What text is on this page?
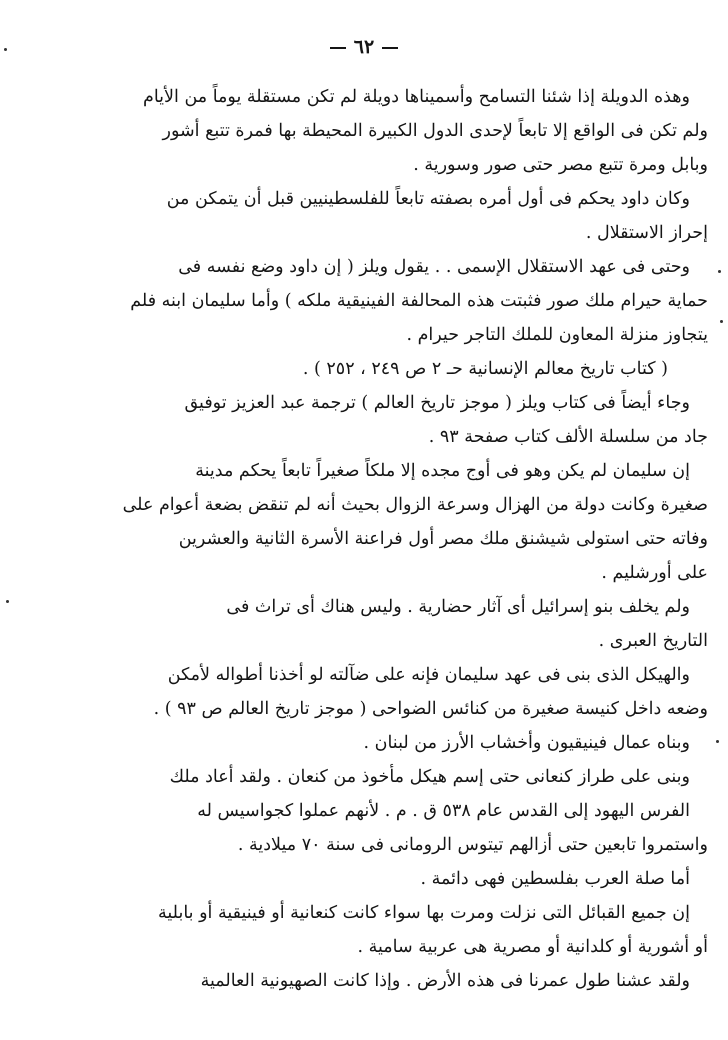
٦٢
وهذه الدويلة إذا شئنا التسامح وأسميناها دويلة لم تكن مستقلة يوماً من الأيام
ولم تكن فى الواقع إلا تابعاً لإحدى الدول الكبيرة المحيطة بها فمرة تتبع أشور
وبابل ومرة تتبع مصر حتى صور وسورية .
وكان داود يحكم فى أول أمره بصفته تابعاً للفلسطينيين قبل أن يتمكن من
إحراز الاستقلال .
وحتى فى عهد الاستقلال الإسمى . . يقول ويلز ( إن داود وضع نفسه فى
حماية حيرام ملك صور فثبتت هذه المحالفة الفينيقية ملكه ) وأما سليمان ابنه فلم
يتجاوز منزلة المعاون للملك التاجر حيرام .
( كتاب تاريخ معالم الإنسانية حـ ٢ ص ٢٤٩ ، ٢٥٢ ) .
وجاء أيضاً فى كتاب ويلز ( موجز تاريخ العالم ) ترجمة عبد العزيز توفيق
جاد من سلسلة الألف كتاب صفحة ٩٣ .
إن سليمان لم يكن وهو فى أوج مجده إلا ملكاً صغيراً تابعاً يحكم مدينة
صغيرة وكانت دولة من الهزال وسرعة الزوال بحيث أنه لم تنقض بضعة أعوام على
وفاته حتى استولى شيشنق ملك مصر أول فراعنة الأسرة الثانية والعشرين
على أورشليم .
ولم يخلف بنو إسرائيل أى آثار حضارية . وليس هناك أى تراث فى
التاريخ العبرى .
والهيكل الذى بنى فى عهد سليمان فإنه على ضآلته لو أخذنا أطواله لأمكن
وضعه داخل كنيسة صغيرة من كنائس الضواحى ( موجز تاريخ العالم ص ٩٣ ) .
وبناه عمال فينيقيون وأخشاب الأرز من لبنان .
وبنى على طراز كنعانى حتى إسم هيكل مأخوذ من كنعان . ولقد أعاد ملك
الفرس اليهود إلى القدس عام ٥٣٨ ق . م . لأنهم عملوا كجواسيس له
واستمروا تابعين حتى أزالهم تيتوس الرومانى فى سنة ٧٠ ميلادية .
أما صلة العرب بفلسطين فهى دائمة .
إن جميع القبائل التى نزلت ومرت بها سواء كانت كنعانية أو فينيقية أو بابلية
أو أشورية أو كلدانية أو مصرية هى عربية سامية .
ولقد عشنا طول عمرنا فى هذه الأرض . وإذا كانت الصهيونية العالمية
